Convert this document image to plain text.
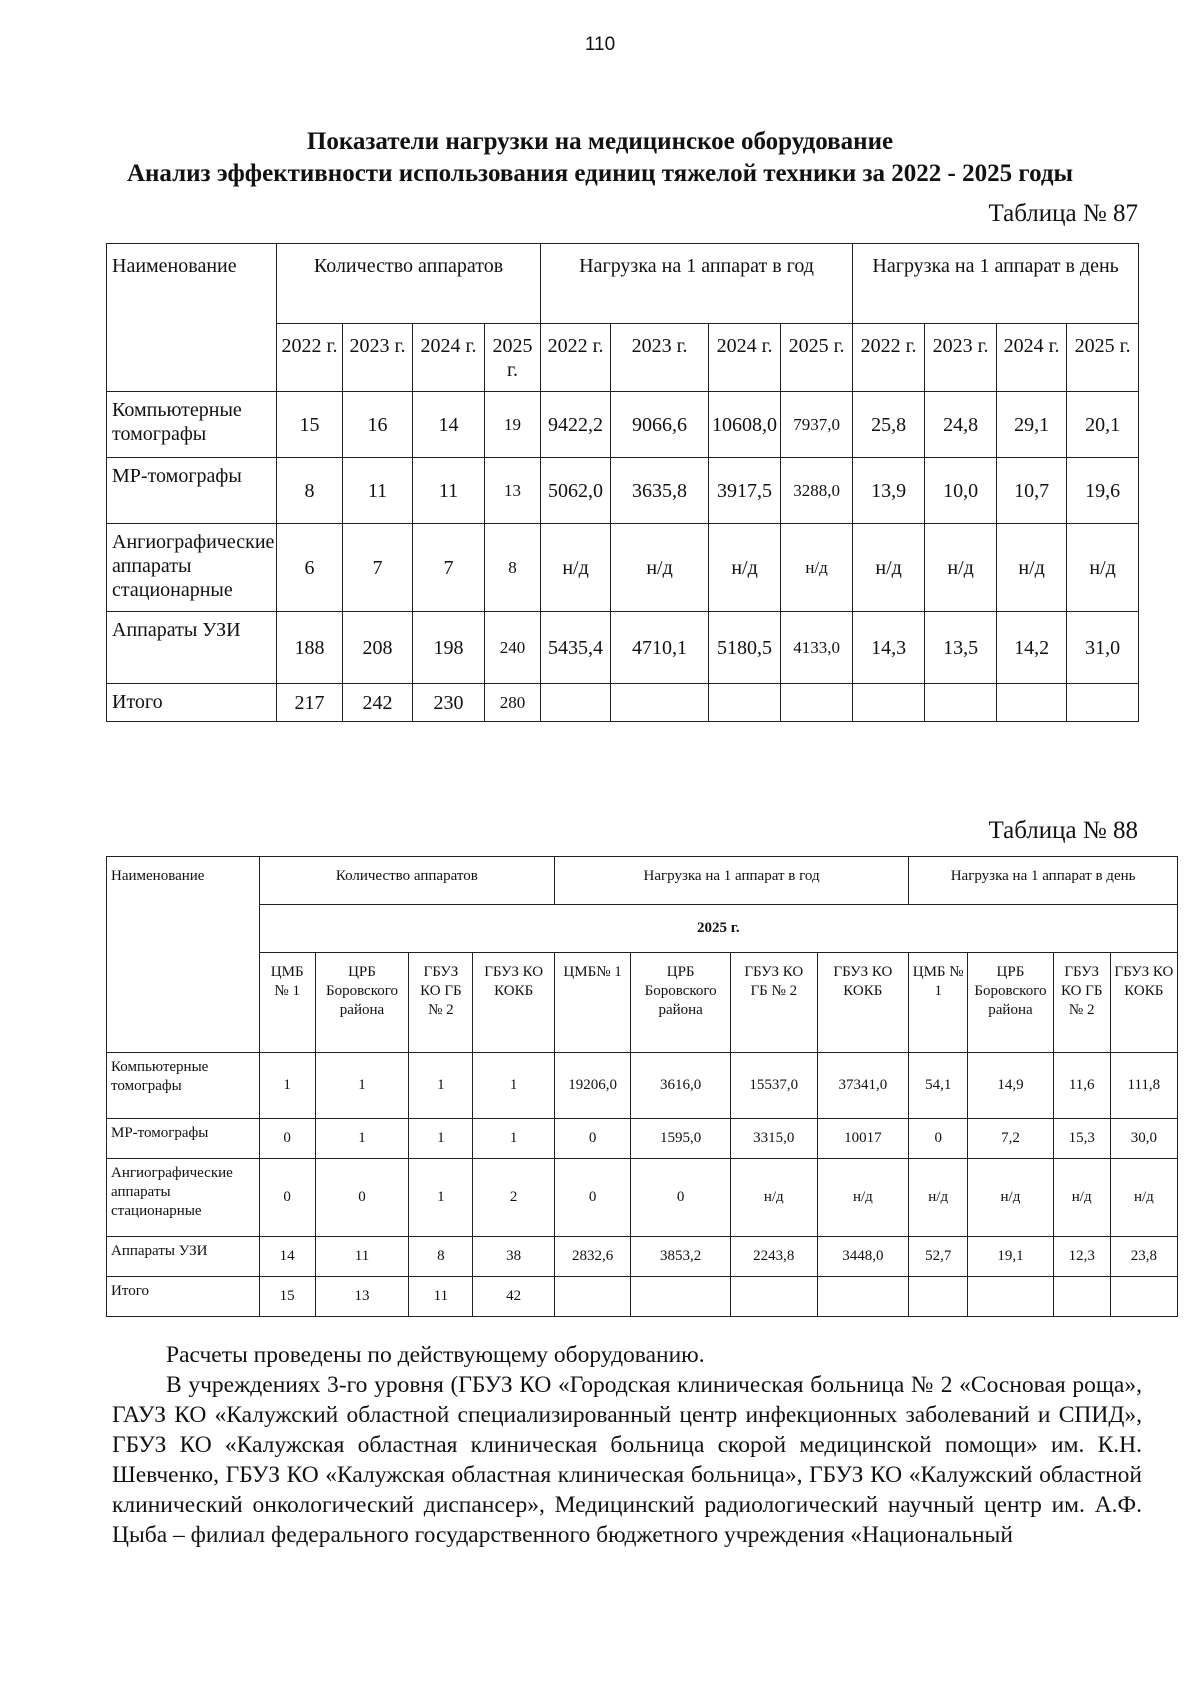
110
Показатели нагрузки на медицинское оборудование
Анализ эффективности использования единиц тяжелой техники за 2022 - 2025 годы
Таблица № 87
Наименование	Количество аппаратов				Нагрузка на 1 аппарат в год				Нагрузка на 1 аппарат в день			
	2022 г.	2023 г.	2024 г.	2025 г.	2022 г.	2023 г.	2024 г.	2025 г.	2022 г.	2023 г.	2024 г.	2025 г.
Компьютерные томографы	15	16	14	19	9422,2	9066,6	10608,0	7937,0	25,8	24,8	29,1	20,1
МР-томографы	8	11	11	13	5062,0	3635,8	3917,5	3288,0	13,9	10,0	10,7	19,6
Ангиографические аппараты стационарные	6	7	7	8	н/д	н/д	н/д	н/д	н/д	н/д	н/д	н/д
Аппараты УЗИ	188	208	198	240	5435,4	4710,1	5180,5	4133,0	14,3	13,5	14,2	31,0
Итого	217	242	230	280								
Таблица № 88
Наименование	Количество аппаратов				Нагрузка на 1 аппарат в год				Нагрузка на 1 аппарат в день			
	2025 г.											
	ЦМБ № 1	ЦРБ Боровского района	ГБУЗ КО ГБ № 2	ГБУЗ КО КОКБ	ЦМБ№ 1	ЦРБ Боровского района	ГБУЗ КО ГБ № 2	ГБУЗ КО КОКБ	ЦМБ № 1	ЦРБ Боровского района	ГБУЗ КО ГБ № 2	ГБУЗ КО КОКБ
Компьютерные томографы	1	1	1	1	19206,0	3616,0	15537,0	37341,0	54,1	14,9	11,6	111,8
МР-томографы	0	1	1	1	0	1595,0	3315,0	10017	0	7,2	15,3	30,0
Ангиографические аппараты стационарные	0	0	1	2	0	0	н/д	н/д	н/д	н/д	н/д	н/д
Аппараты УЗИ	14	11	8	38	2832,6	3853,2	2243,8	3448,0	52,7	19,1	12,3	23,8
Итого	15	13	11	42								

Расчеты проведены по действующему оборудованию.

В учреждениях 3-го уровня (ГБУЗ КО «Городская клиническая больница № 2 «Сосновая роща», ГАУЗ КО «Калужский областной специализированный центр инфекционных заболеваний и СПИД», ГБУЗ КО «Калужская областная клиническая больница скорой медицинской помощи» им. К.Н. Шевченко, ГБУЗ КО «Калужская областная клиническая больница», ГБУЗ КО «Калужский областной клинический онкологический диспансер», Медицинский радиологический научный центр им. А.Ф. Цыба – филиал федерального государственного бюджетного учреждения «Национальный
